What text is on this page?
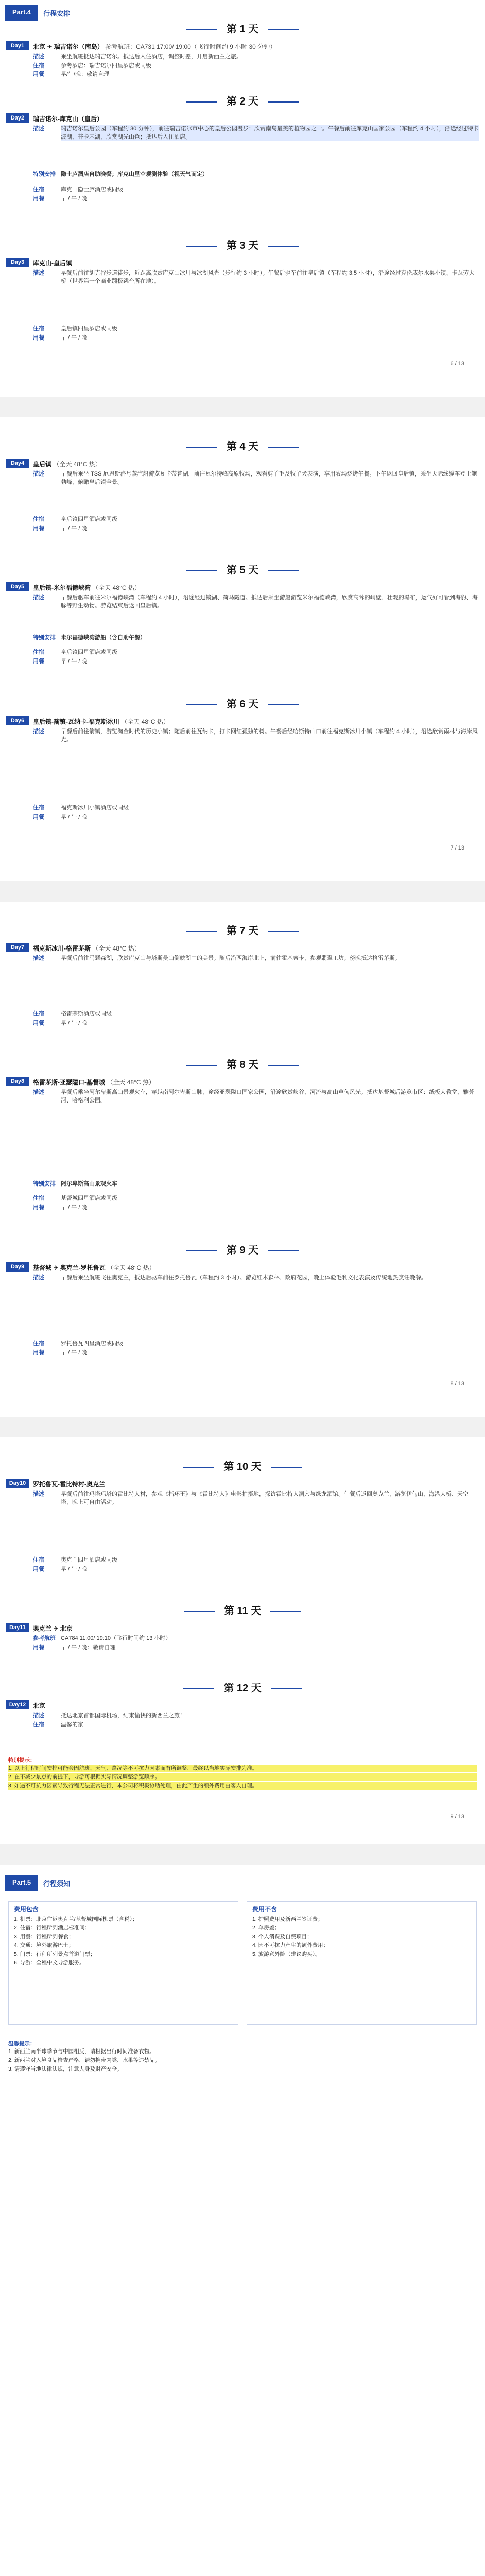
Part.4	行程安排
第 1 天
Day1	北京 ✈ 瑞吉诺尔（南岛） 参考航班：CA731 17:00/ 19:00（飞行时间约 9 小时 30 分钟）
描述	乘坐航班抵达瑞吉诺尔。抵达后入住酒店，调整时差，开启新西兰之旅。
住宿	参考酒店：瑞吉诺尔四星酒店或同级
用餐	早/午/晚：敬请自理
第 2 天
Day2	瑞吉诺尔-库克山（皇后）
描述	瑞吉诺尔皇后公园（车程约 30 分钟），前往瑞吉诺尔市中心的皇后公园漫步；欣赏南岛最美的植物园之一。午餐后前往库克山国家公园（车程约 4 小时），沿途经过特卡波湖、普卡基湖，欣赏湖光山色；抵达后入住酒店。
特别安排 隐士庐酒店自助晚餐；库克山星空观测体验（视天气而定）
住宿	库克山隐士庐酒店或同级
用餐	早 / 午 / 晚
第 3 天
Day3	库克山-皇后镇
描述	早餐后前往胡克谷步道徒步，近距离欣赏库克山冰川与冰湖风光（步行约 3 小时）。午餐后驱车前往皇后镇（车程约 3.5 小时），沿途经过克伦威尔水果小镇、卡瓦劳大桥（世界第一个商业蹦极跳台所在地）。
住宿	皇后镇四星酒店或同级
用餐	早 / 午 / 晚
6 / 13
第 4 天
Day4	皇后镇 （全天 48°C 热）
描述	早餐后乘坐 TSS 厄恩斯洛号蒸汽船游览瓦卡蒂普湖，前往瓦尔特峰高原牧场，观看剪羊毛及牧羊犬表演，享用农场烧烤午餐。下午返回皇后镇，乘坐天际线缆车登上鲍勃峰，俯瞰皇后镇全景。
住宿	皇后镇四星酒店或同级
用餐	早 / 午 / 晚
第 5 天
Day5	皇后镇-米尔福德峡湾 （全天 48°C 热）
描述	早餐后驱车前往米尔福德峡湾（车程约 4 小时），沿途经过镜湖、荷马隧道。抵达后乘坐游船游览米尔福德峡湾，欣赏高耸的峭壁、壮观的瀑布，运气好可看到海豹、海豚等野生动物。游览结束后返回皇后镇。
特别安排 米尔福德峡湾游船（含自助午餐）
住宿	皇后镇四星酒店或同级
用餐	早 / 午 / 晚
第 6 天
Day6	皇后镇-箭镇-瓦纳卡-福克斯冰川 （全天 48°C 热）
描述	早餐后前往箭镇，游览淘金时代的历史小镇；随后前往瓦纳卡，打卡网红孤独的树。午餐后经哈斯特山口前往福克斯冰川小镇（车程约 4 小时），沿途欣赏雨林与海岸风光。
住宿	福克斯冰川小镇酒店或同级
用餐	早 / 午 / 晚
7 / 13
第 7 天
Day7	福克斯冰川-格雷茅斯 （全天 48°C 热）
描述	早餐后前往马瑟森湖，欣赏库克山与塔斯曼山倒映湖中的美景。随后沿西海岸北上，前往霍基蒂卡，参观翡翠工坊；傍晚抵达格雷茅斯。
住宿	格雷茅斯酒店或同级
用餐	早 / 午 / 晚
第 8 天
Day8	格雷茅斯-亚瑟隘口-基督城 （全天 48°C 热）
描述	早餐后乘坐阿尔卑斯高山景观火车，穿越南阿尔卑斯山脉，途经亚瑟隘口国家公园，沿途欣赏峡谷、河流与高山草甸风光。抵达基督城后游览市区：纸板大教堂、雅芳河、哈格利公园。
特别安排 阿尔卑斯高山景观火车
住宿	基督城四星酒店或同级
用餐	早 / 午 / 晚
第 9 天
Day9	基督城 ✈ 奥克兰-罗托鲁瓦 （全天 48°C 热）
描述	早餐后乘坐航班飞往奥克兰，抵达后驱车前往罗托鲁瓦（车程约 3 小时）。游览红木森林、政府花园，晚上体验毛利文化表演及传统地热烹饪晚餐。
住宿	罗托鲁瓦四星酒店或同级
用餐	早 / 午 / 晚
8 / 13
第 10 天
Day10	罗托鲁瓦-霍比特村-奥克兰
描述	早餐后前往玛塔玛塔的霍比特人村，参观《指环王》与《霍比特人》电影拍摄地，探访霍比特人洞穴与绿龙酒馆。午餐后返回奥克兰，游览伊甸山、海港大桥、天空塔，晚上可自由活动。
住宿	奥克兰四星酒店或同级
用餐	早 / 午 / 晚
第 11 天
Day11	奥克兰 ✈ 北京
参考航班 CA784 11:00/ 19:10（飞行时间约 13 小时）
用餐	早 / 午 / 晚：敬请自理
第 12 天
Day12	北京
描述	抵达北京首都国际机场，结束愉快的新西兰之旅！
住宿	温馨的家
特别提示：
1. 以上行程时间安排可能会因航班、天气、路况等不可抗力因素而有所调整，最终以当地实际安排为准。
2. 在不减少景点的前提下，导游可根据实际情况调整游览顺序。
3. 如遇不可抗力因素导致行程无法正常进行，本公司将积极协助处理，由此产生的额外费用由客人自理。
9 / 13
Part.5	行程须知
费用包含
1. 机票：北京往返奥克兰/基督城国际机票（含税）；
2. 住宿：行程所列酒店标准间；
3. 用餐：行程所列餐食；
4. 交通：境外旅游巴士；
5. 门票：行程所列景点首道门票；
6. 导游：全程中文导游服务。
费用不含
1. 护照费用及新西兰签证费；
2. 单房差；
3. 个人消费及自费项目；
4. 因不可抗力产生的额外费用；
5. 旅游意外险（建议购买）。
温馨提示：
1. 新西兰南半球季节与中国相反，请根据出行时间准备衣物。
2. 新西兰对入境食品检查严格，请勿携带肉类、水果等违禁品。
3. 请遵守当地法律法规，注意人身及财产安全。
